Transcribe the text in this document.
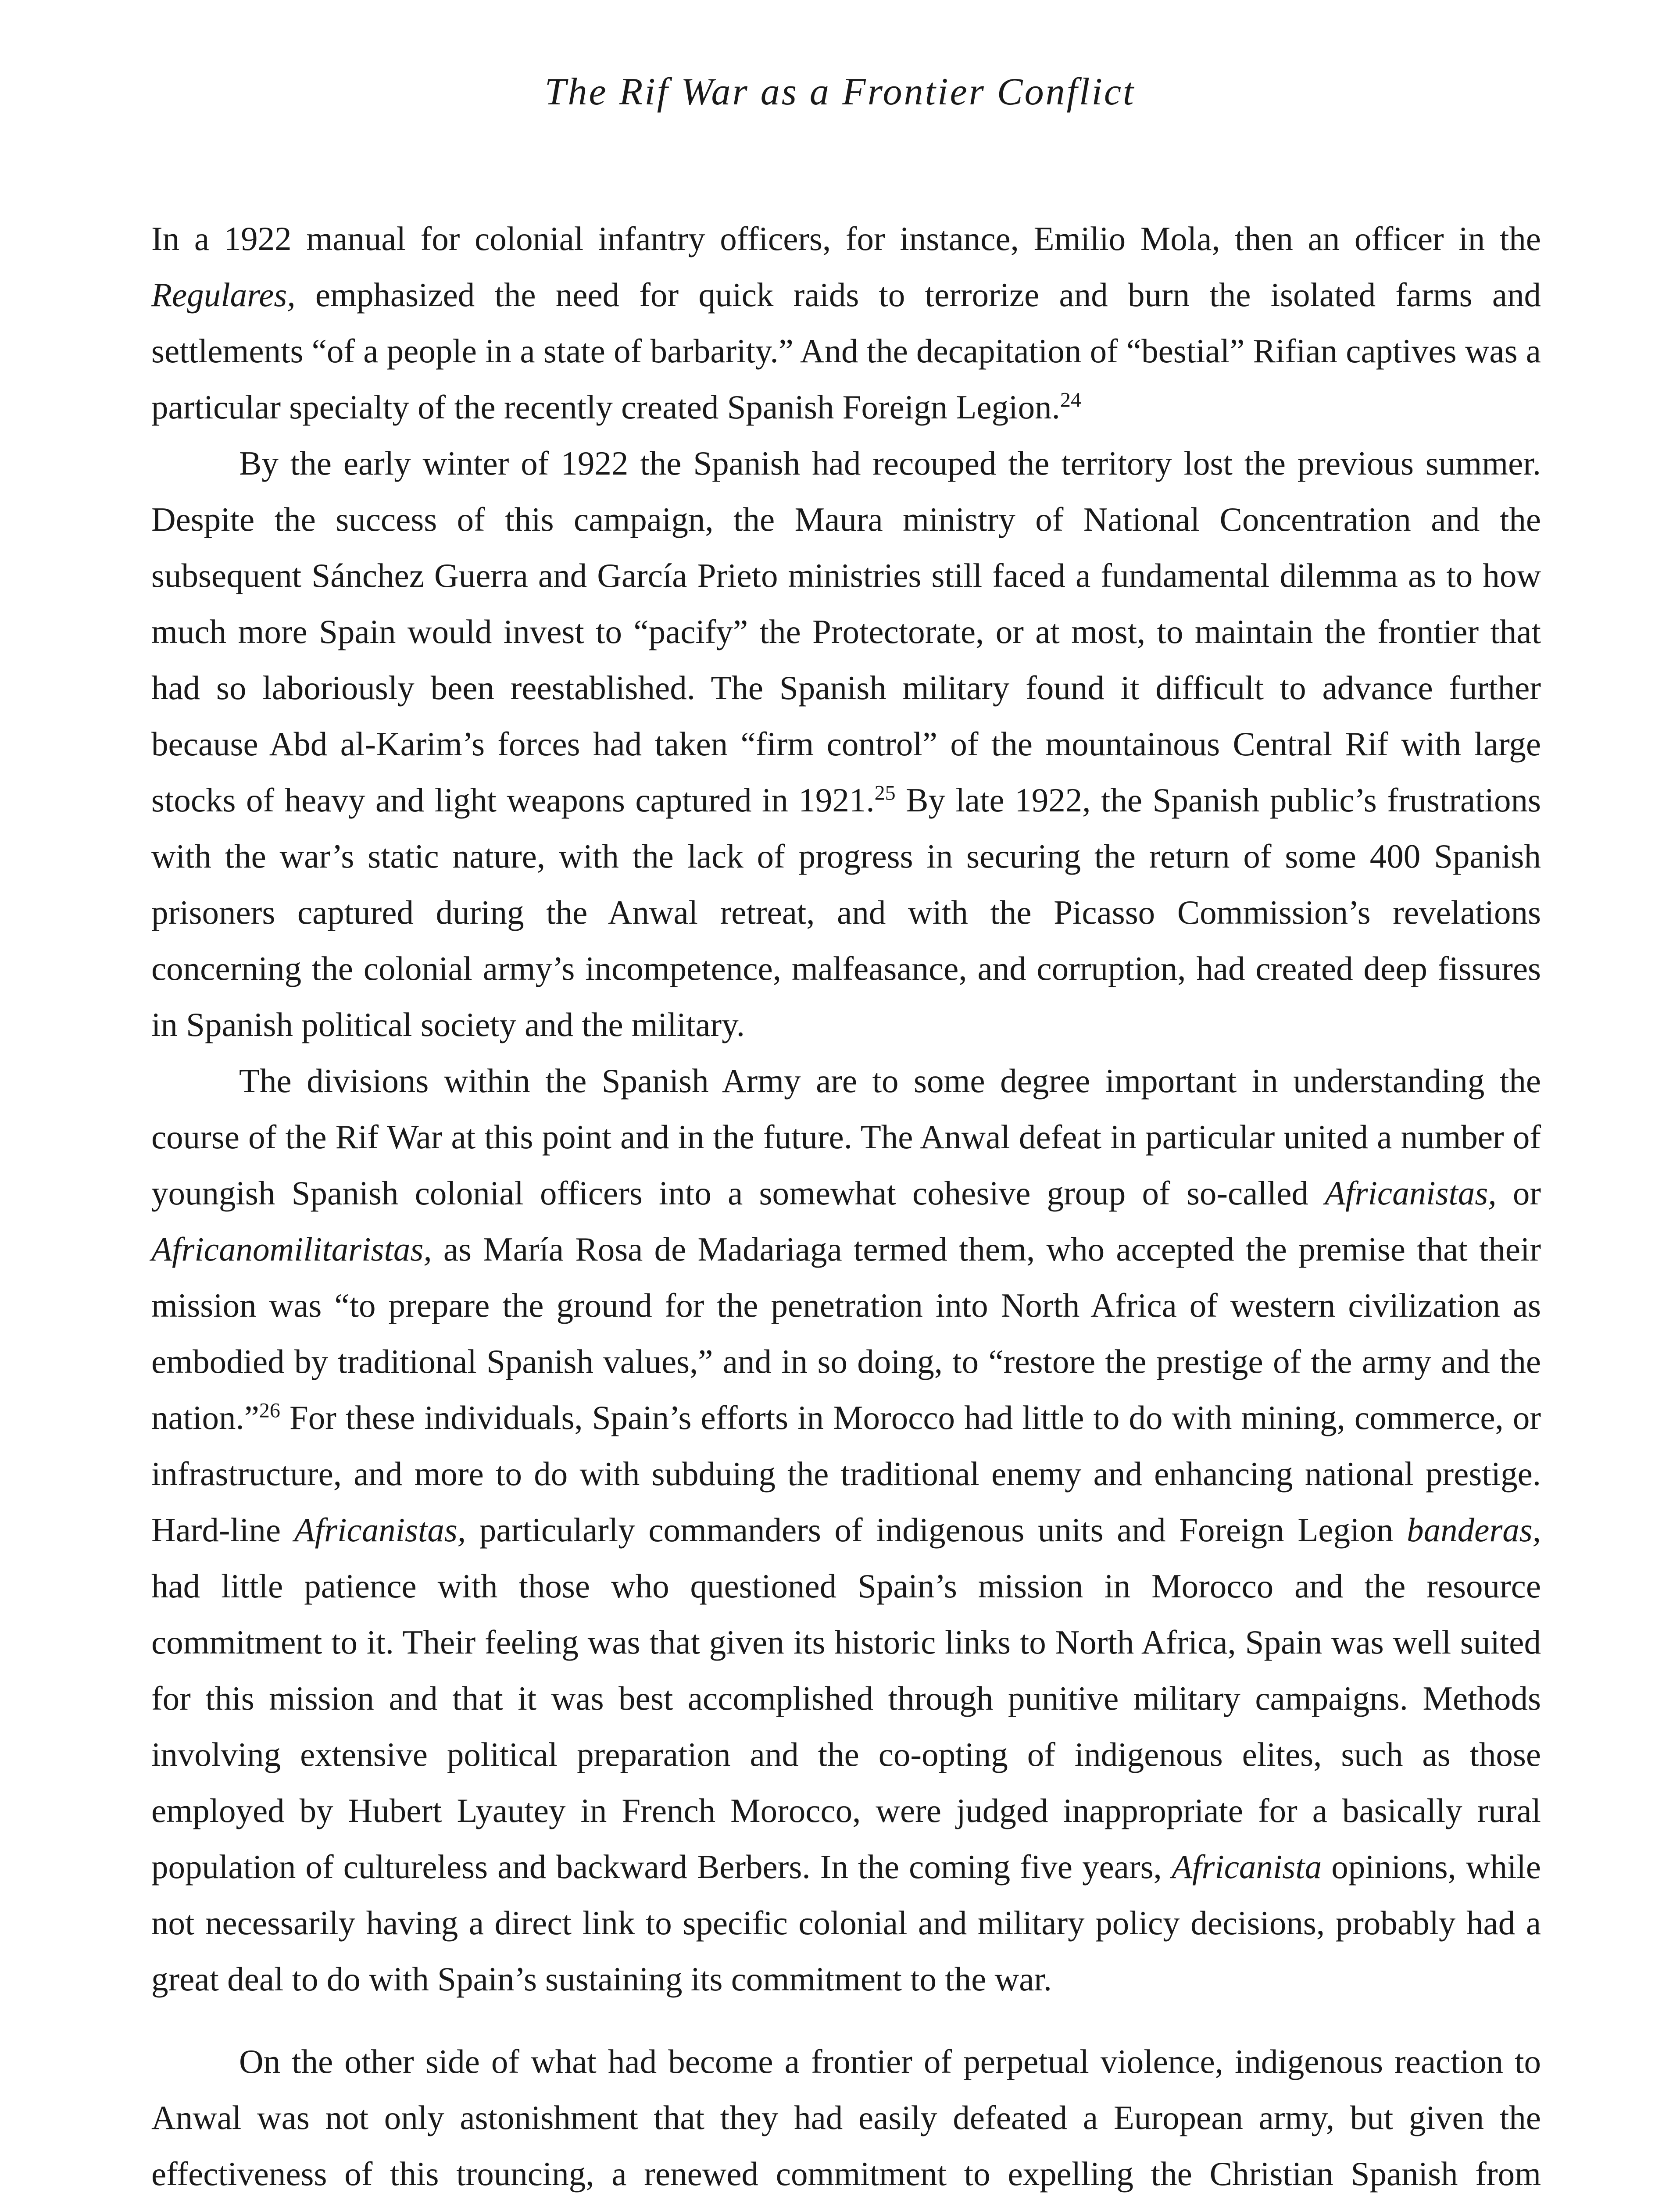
The Rif War as a Frontier Conflict

In a 1922 manual for colonial infantry officers, for instance, Emilio Mola, then an officer in the Regulares, emphasized the need for quick raids to terrorize and burn the isolated farms and settlements “of a people in a state of barbarity.” And the decapitation of “bestial” Rifian captives was a particular specialty of the recently created Spanish Foreign Legion.$^{24}$

By the early winter of 1922 the Spanish had recouped the territory lost the previous summer. Despite the success of this campaign, the Maura ministry of National Concentration and the subsequent Sánchez Guerra and García Prieto ministries still faced a fundamental dilemma as to how much more Spain would invest to “pacify” the Protectorate, or at most, to maintain the frontier that had so laboriously been reestablished. The Spanish military found it difficult to advance further because Abd al-Karim’s forces had taken “firm control” of the mountainous Central Rif with large stocks of heavy and light weapons captured in 1921.25 By late 1922, the Spanish public’s frustrations with the war’s static nature, with the lack of progress in securing the return of some 400 Spanish prisoners captured during the Anwal retreat, and with the Picasso Commission’s revelations concerning the colonial army’s incompetence, malfeasance, and corruption, had created deep fissures in Spanish political society and the military.

The divisions within the Spanish Army are to some degree important in understanding the course of the Rif War at this point and in the future. The Anwal defeat in particular united a number of youngish Spanish colonial officers into a somewhat cohesive group of so-called Africanistas, or Africanomilitaristas, as María Rosa de Madariaga termed them, who accepted the premise that their mission was “to prepare the ground for the penetration into North Africa of western civilization as embodied by traditional Spanish values,” and in so doing, to “restore the prestige of the army and the nation.”$^{26}$ For these individuals, Spain’s efforts in Morocco had little to do with mining, commerce, or infrastructure, and more to do with subduing the traditional enemy and enhancing national prestige. Hard-line Africanistas, particularly commanders of indigenous units and Foreign Legion banderas, had little patience with those who questioned Spain’s mission in Morocco and the resource commitment to it. Their feeling was that given its historic links to North Africa, Spain was well suited for this mission and that it was best accomplished through punitive military campaigns. Methods involving extensive political preparation and the co-opting of indigenous elites, such as those employed by Hubert Lyautey in French Morocco, were judged inappropriate for a basically rural population of cultureless and backward Berbers. In the coming five years, Africanista opinions, while not necessarily having a direct link to specific colonial and military policy decisions, probably had a great deal to do with Spain’s sustaining its commitment to the war.

On the other side of what had become a frontier of perpetual violence, indigenous reaction to Anwal was not only astonishment that they had easily defeated a European army, but given the effectiveness of this trouncing, a renewed commitment to expelling the Christian Spanish from
